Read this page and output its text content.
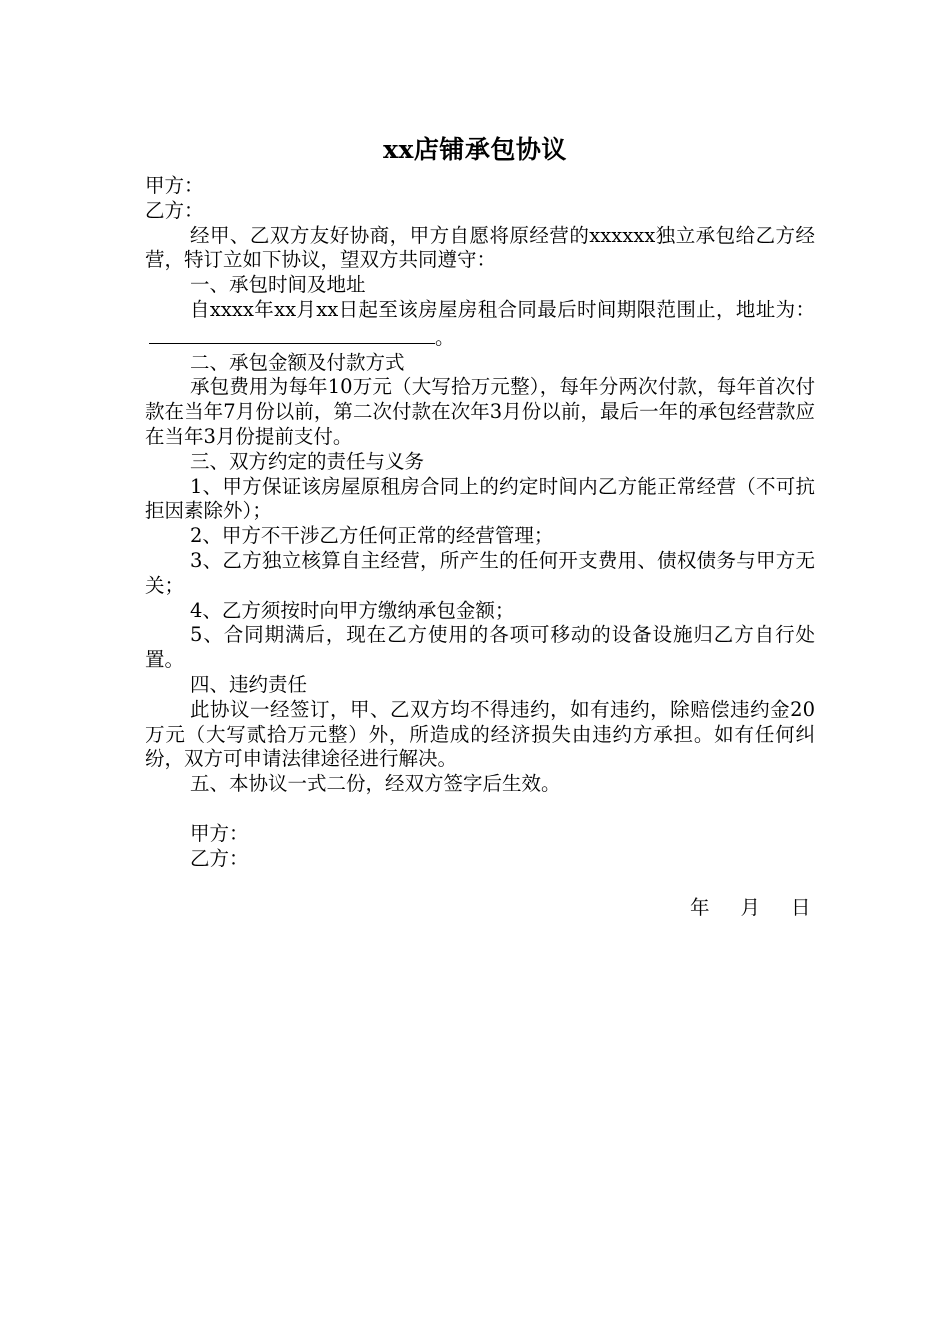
xx店铺承包协议

甲方：

乙方：

经甲、乙双方友好协商，甲方自愿将原经营的xxxxxx独立承包给乙方经营，特订立如下协议，望双方共同遵守：

一、承包时间及地址

自xxxx年xx月xx日起至该房屋房租合同最后时间期限范围止，地址为：。

二、承包金额及付款方式

承包费用为每年10万元（大写拾万元整），每年分两次付款，每年首次付款在当年7月份以前，第二次付款在次年3月份以前，最后一年的承包经营款应在当年3月份提前支付。

三、双方约定的责任与义务

1、甲方保证该房屋原租房合同上的约定时间内乙方能正常经营（不可抗拒因素除外）；

2、甲方不干涉乙方任何正常的经营管理；

3、乙方独立核算自主经营，所产生的任何开支费用、债权债务与甲方无关；

4、乙方须按时向甲方缴纳承包金额；

5、合同期满后，现在乙方使用的各项可移动的设备设施归乙方自行处置。

四、违约责任

此协议一经签订，甲、乙双方均不得违约，如有违约，除赔偿违约金20万元（大写贰拾万元整）外，所造成的经济损失由违约方承担。如有任何纠纷，双方可申请法律途径进行解决。

五、本协议一式二份，经双方签字后生效。

甲方：

乙方：

年 月 日
